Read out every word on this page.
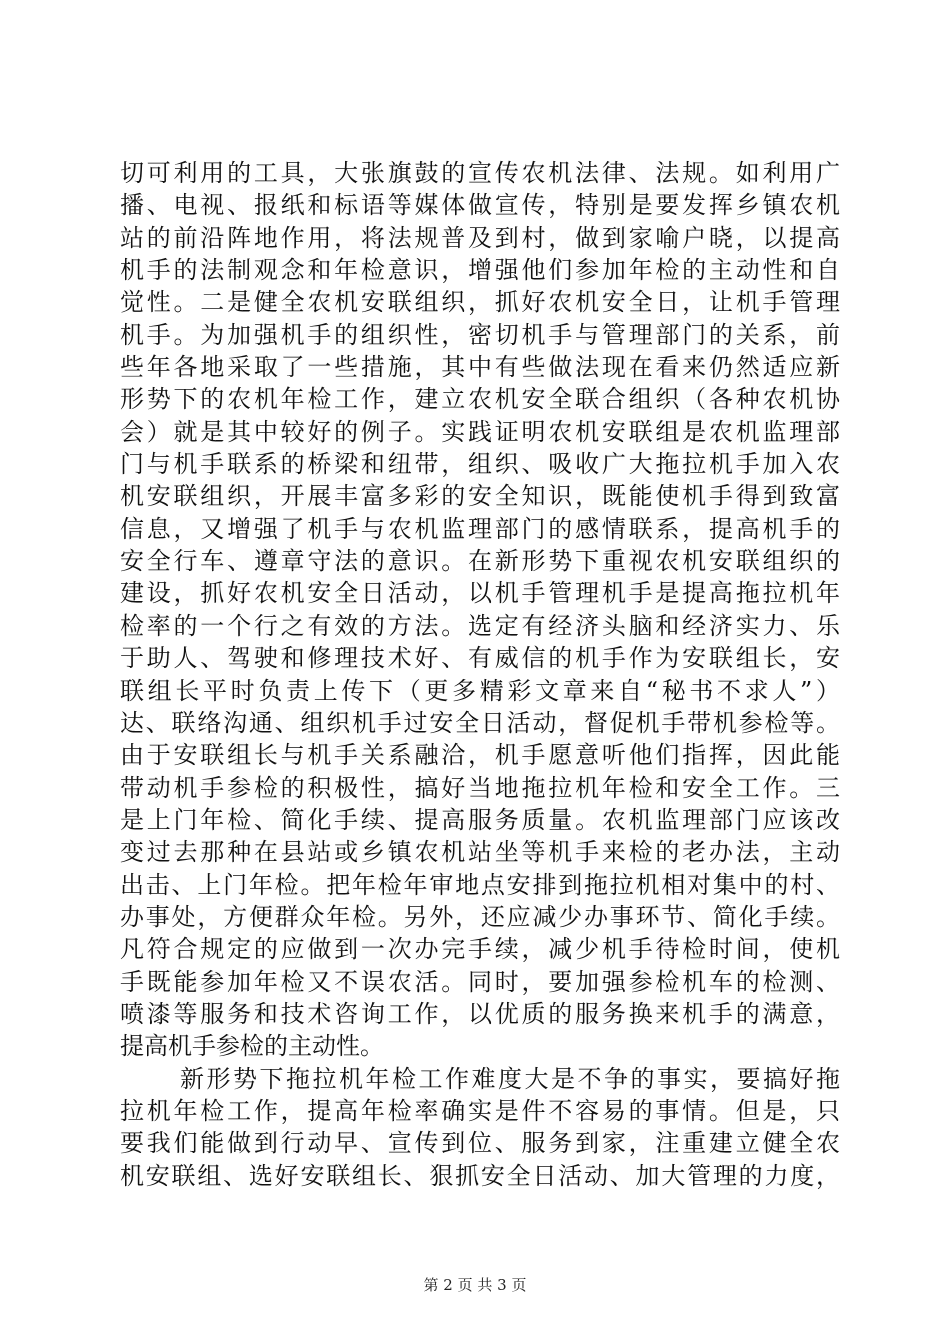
切可利用的工具，大张旗鼓的宣传农机法律、法规。如利用广
播、电视、报纸和标语等媒体做宣传，特别是要发挥乡镇农机
站的前沿阵地作用，将法规普及到村，做到家喻户晓，以提高
机手的法制观念和年检意识，增强他们参加年检的主动性和自
觉性。二是健全农机安联组织，抓好农机安全日，让机手管理
机手。为加强机手的组织性，密切机手与管理部门的关系，前
些年各地采取了一些措施，其中有些做法现在看来仍然适应新
形势下的农机年检工作，建立农机安全联合组织（各种农机协
会）就是其中较好的例子。实践证明农机安联组是农机监理部
门与机手联系的桥梁和纽带，组织、吸收广大拖拉机手加入农
机安联组织，开展丰富多彩的安全知识，既能使机手得到致富
信息，又增强了机手与农机监理部门的感情联系，提高机手的
安全行车、遵章守法的意识。在新形势下重视农机安联组织的
建设，抓好农机安全日活动，以机手管理机手是提高拖拉机年
检率的一个行之有效的方法。选定有经济头脑和经济实力、乐
于助人、驾驶和修理技术好、有威信的机手作为安联组长，安
联组长平时负责上传下（更多精彩文章来自“秘书不求人”）
达、联络沟通、组织机手过安全日活动，督促机手带机参检等。
由于安联组长与机手关系融洽，机手愿意听他们指挥，因此能
带动机手参检的积极性，搞好当地拖拉机年检和安全工作。三
是上门年检、简化手续、提高服务质量。农机监理部门应该改
变过去那种在县站或乡镇农机站坐等机手来检的老办法，主动
出击、上门年检。把年检年审地点安排到拖拉机相对集中的村、
办事处，方便群众年检。另外，还应减少办事环节、简化手续。
凡符合规定的应做到一次办完手续，减少机手待检时间，使机
手既能参加年检又不误农活。同时，要加强参检机车的检测、
喷漆等服务和技术咨询工作，以优质的服务换来机手的满意，
提高机手参检的主动性。
新形势下拖拉机年检工作难度大是不争的事实，要搞好拖
拉机年检工作，提高年检率确实是件不容易的事情。但是，只
要我们能做到行动早、宣传到位、服务到家，注重建立健全农
机安联组、选好安联组长、狠抓安全日活动、加大管理的力度，
第 2 页 共 3 页
